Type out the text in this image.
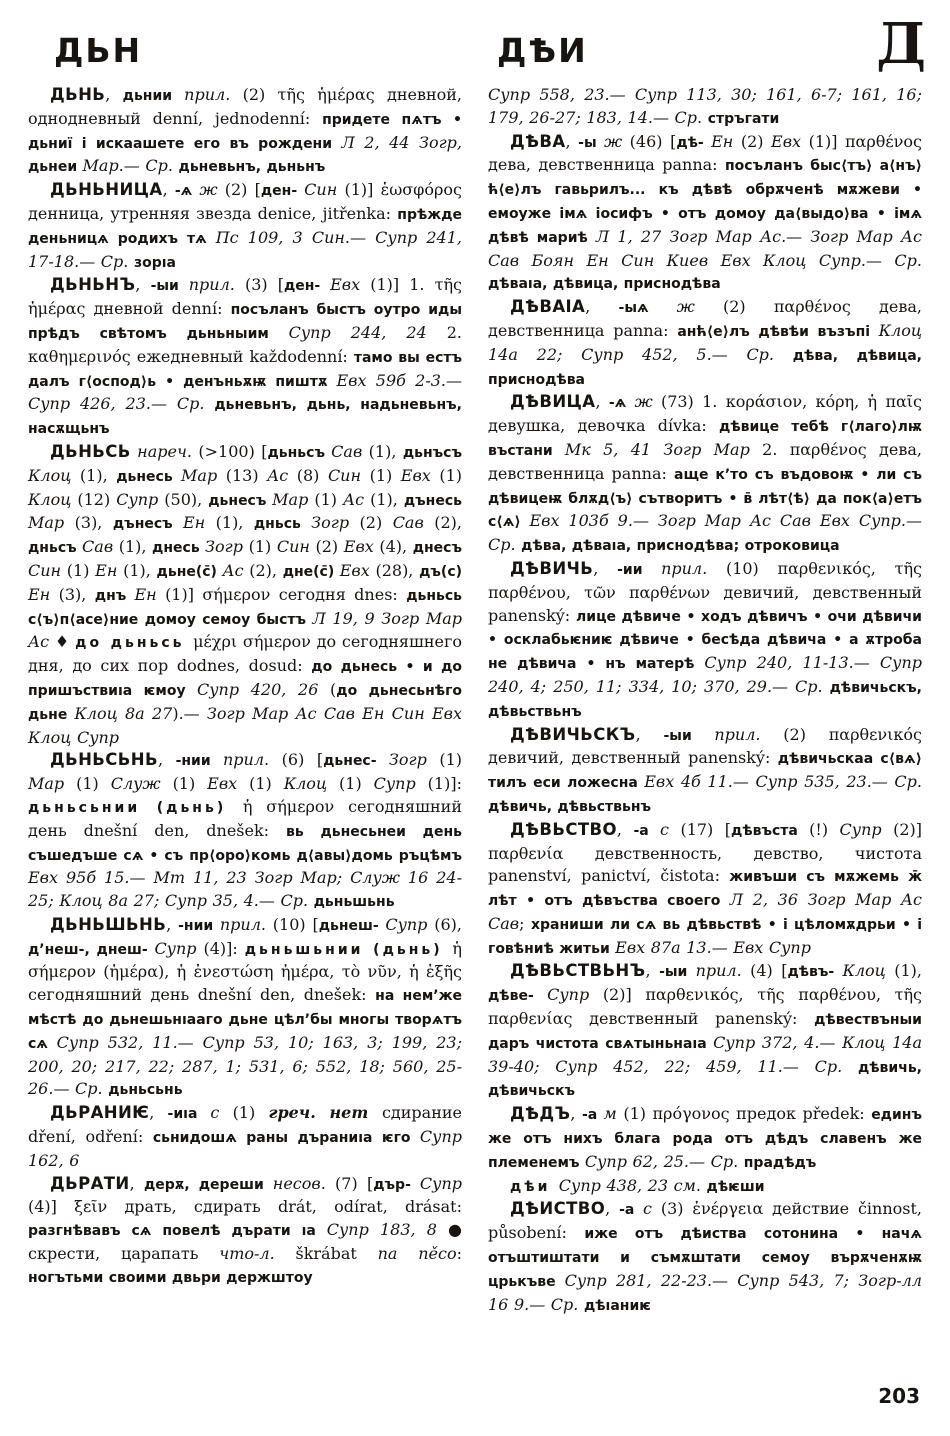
ДЬН	ДѢИ	Д

ДЬНЬ, дьнии прил. (2) τῆς ἡμέρας дневной, однодневный denní, jednodenní: придете пѧтъ • дьниї і искаашете его въ рождени Л 2, 44 Зогр, дьнеи Мар.— Ср. дьневьнъ, дьньнъ

ДЬНЬНИЦА, -ѧ ж (2) [ден- Син (1)] ἑωσφόρος денница, утренняя звезда denice, jitřenka: прѣжде деньницѧ родихъ тѧ Пс 109, 3 Син.— Супр 241, 17-18.— Ср. зорıа

ДЬНЬНЪ, -ыи прил. (3) [ден- Евх (1)] 1. τῆς ἡμέρας дневной denní: посъланъ быстъ оутро иды прѣдъ свѣтомъ дьньныим Супр 244, 24 2. καθημερινός ежедневный každodenní: тамо вы естъ далъ г⟨оспод⟩ь • денъньѫѭ пиштѫ Евх 59б 2-3.— Супр 426, 23.— Ср. дьневьнъ, дьнь, надьневьнъ, насѫщьнъ

ДЬНЬСЬ нареч. (>100) [дьньсъ Сав (1), дьнъсъ Клоц (1), дьнесь Мар (13) Ас (8) Син (1) Евх (1) Клоц (12) Супр (50), дьнесъ Мар (1) Ас (1), дънесь Мар (3), дънесъ Ен (1), дньсь Зогр (2) Сав (2), дньсъ Сав (1), днесь Зогр (1) Син (2) Евх (4), днесъ Син (1) Ен (1), дьне(с̄) Ас (2), дне(с̄) Евх (28), дъ(с) Ен (3), днъ Ен (1)] σήμερον сегодня dnes: дьньсь с⟨ъ⟩п⟨асе⟩ние домоу семоу быстъ Л 19, 9 Зогр Мар Ас ♦ до дьньсь μέχρι σήμερον до сегодняшнего дня, до сих пор dodnes, dosud: до дьнесь • и до пришъствиıа ѥмоу Супр 420, 26 (до дьнесьнѣго дьне Клоц 8а 27).— Зогр Мар Ас Сав Ен Син Евх Клоц Супр

ДЬНЬСЬНЬ, -нии прил. (6) [дьнес- Зогр (1) Мар (1) Служ (1) Евх (1) Клоц (1) Супр (1)]: дьньсьнии (дьнь) ἡ σήμερον сегодняшний день dnešní den, dnešek: вь дьнесьнеи день съшедъше сѧ • съ пр⟨оро⟩комь д⟨авы⟩домь ръцѣмъ Евх 95б 15.— Мт 11, 23 Зогр Мар; Служ 16 24-25; Клоц 8а 27; Супр 35, 4.— Ср. дьньшьнь

ДЬНЬШЬНЬ, -нии прил. (10) [дьнеш- Супр (6), д’неш-, днеш- Супр (4)]: дьньшьнии (дьнь) ἡ σήμερον (ἡμέρα), ἡ ἐνεστώση ἡμέρα, τὸ νῦν, ἡ ἑξῆς сегодняшний день dnešní den, dnešek: на нем’же мѣстѣ до дьнешьнıааго дьне цѣл’бы многы творѧтъ сѧ Супр 532, 11.— Супр 53, 10; 163, 3; 199, 23; 200, 20; 217, 22; 287, 1; 531, 6; 552, 18; 560, 25-26.— Ср. дьньсьнь

ДЬРАНИѤ, -иıа с (1) греч. нет сдирание dření, odření: сьнидошѧ раны дъраниıа ѥго Супр 162, 6

ДЬРАТИ, дерѫ, дереши несов. (7) [дър- Супр (4)] ξεῖν драть, сдирать drát, odírat, drásat: разгнѣвавъ сѧ повелѣ дърати ıа Супр 183, 8 ● скрести, царапать что-л. škrábat na něco: ногътьми своими двьри держштоу

Супр 558, 23.— Супр 113, 30; 161, 6-7; 161, 16; 179, 26-27; 183, 14.— Ср. стръгати

ДѢВА, -ы ж (46) [дѣ- Ен (2) Евх (1)] παρθένος дева, девственница panna: посъланъ быс⟨тъ⟩ а⟨нъ⟩ћ⟨е⟩лъ гавьрилъ... къ дѣвѣ обрѫченѣ мѫжеви • емоуже імѧ іосифъ • отъ домоу да⟨выдо⟩ва • імѧ дѣвѣ мариѣ Л 1, 27 Зогр Мар Ас.— Зогр Мар Ас Сав Боян Ен Син Киев Евх Клоц Супр.— Ср. дѣваıа, дѣвица, приснодѣва

ДѢВАІА, -ыѧ ж (2) παρθένος дева, девственница panna: анћ⟨е⟩лъ дѣвѣи възъпі Клоц 14а 22; Супр 452, 5.— Ср. дѣва, дѣвица, приснодѣва

ДѢВИЦА, -ѧ ж (73) 1. κοράσιον, κόρη, ἡ παῖς девушка, девочка dívka: дѣвице тебѣ г⟨лаго⟩лѭ въстани Мк 5, 41 Зогр Мар 2. παρθένος дева, девственница panna: аще к’то съ въдовоѭ • ли съ дѣвицеѭ блѫд⟨ъ⟩ сътворитъ • в̄ лѣт⟨ѣ⟩ да пок⟨а⟩етъ с⟨ѧ⟩ Евх 103б 9.— Зогр Мар Ас Сав Евх Супр.— Ср. дѣва, дѣваıа, приснодѣва; отроковица

ДѢВИЧЬ, -ии прил. (10) παρθενικός, τῆς παρθένου, τῶν παρθένων девичий, девственный panenský: лице дѣвиче • ходъ дѣвичъ • очи дѣвичи • осклабьѥниѥ дѣвиче • бесѣда дѣвича • а ѫтроба не дѣвича • нъ матерѣ Супр 240, 11-13.— Супр 240, 4; 250, 11; 334, 10; 370, 29.— Ср. дѣвичьскъ, дѣвьствьнъ

ДѢВИЧЬСКЪ, -ыи прил. (2) παρθενικός девичий, девственный panenský: дѣвичьскаа с⟨вѧ⟩тилъ еси ложесна Евх 4б 11.— Супр 535, 23.— Ср. дѣвичь, дѣвьствьнъ

ДѢВЬСТВО, -а с (17) [дѣвъста (!) Супр (2)] παρθενία девственность, девство, чистота panenství, panictví, čistota: живъши съ мѫжемь ж̄ лѣт • отъ дѣвъства своего Л 2, 36 Зогр Мар Ас Сав; храниши ли сѧ вь дѣвьствѣ • і цѣломѫдрьи • і говѣниѣ житьи Евх 87а 13.— Евх Супр

ДѢВЬСТВЬНЪ, -ыи прил. (4) [дѣвъ- Клоц (1), дѣве- Супр (2)] παρθενικός, τῆς παρθένου, τῆς παρθενίας девственный panenský: дѣвествъныи даръ чистота свѧтыньнаıа Супр 372, 4.— Клоц 14а 39-40; Супр 452, 22; 459, 11.— Ср. дѣвичь, дѣвичьскъ

ДѢДЪ, -а м (1) πρόγονος предок předek: единъ же отъ нихъ блага рода отъ дѣдъ славенъ же племенемъ Супр 62, 25.— Ср. прадѣдъ

дѣи Супр 438, 23 см. дѣѥши

ДѢИСТВО, -а с (3) ἐνέργεια действие činnost, působení: иже отъ дѣиства сотонина • начѧ отъштиштати и съмѫштати семоу върѫченѫѭ црькъве Супр 281, 22-23.— Супр 543, 7; Зогр-лл 16 9.— Ср. дѣıаниѥ

203
